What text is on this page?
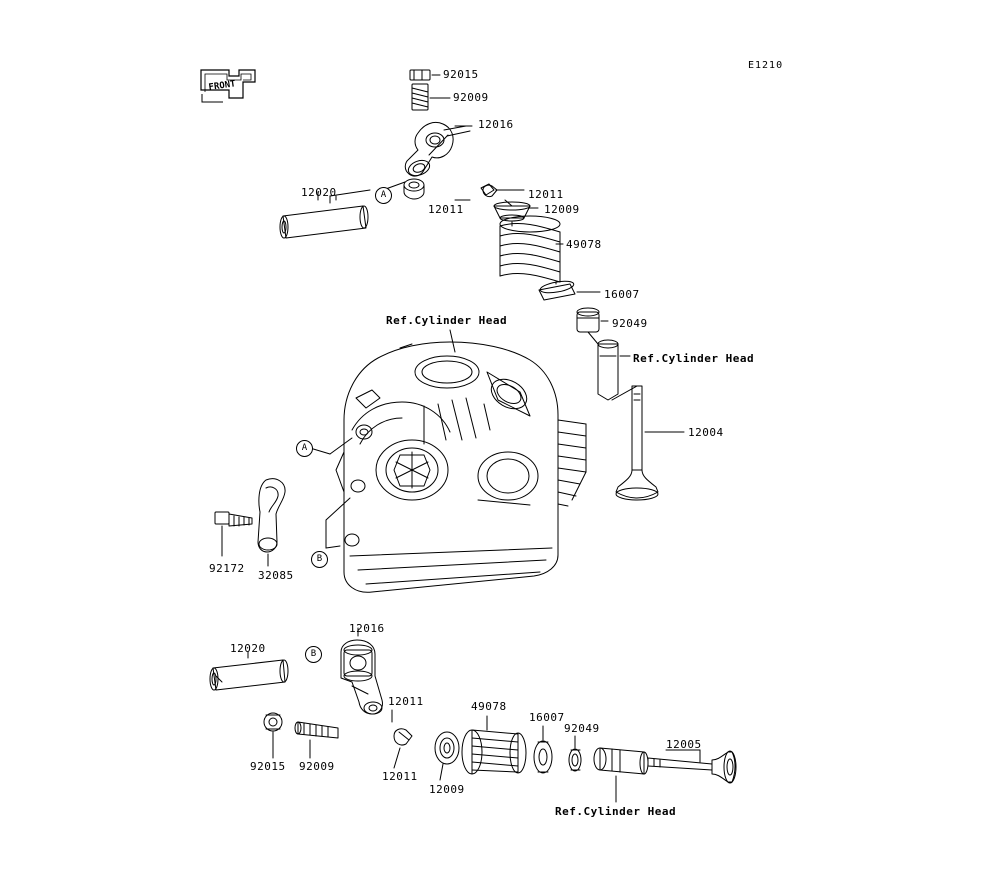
E1210
FRONT
92015
92009
12016
12011
12011	12009
49078
16007
92049
12004
12020
92172
32085
12020
12016
12011
12011
12009
49078
16007
92049
12005
92015 92009
Ref.Cylinder Head
Ref.Cylinder Head
Ref.Cylinder Head
A
A
B
B
